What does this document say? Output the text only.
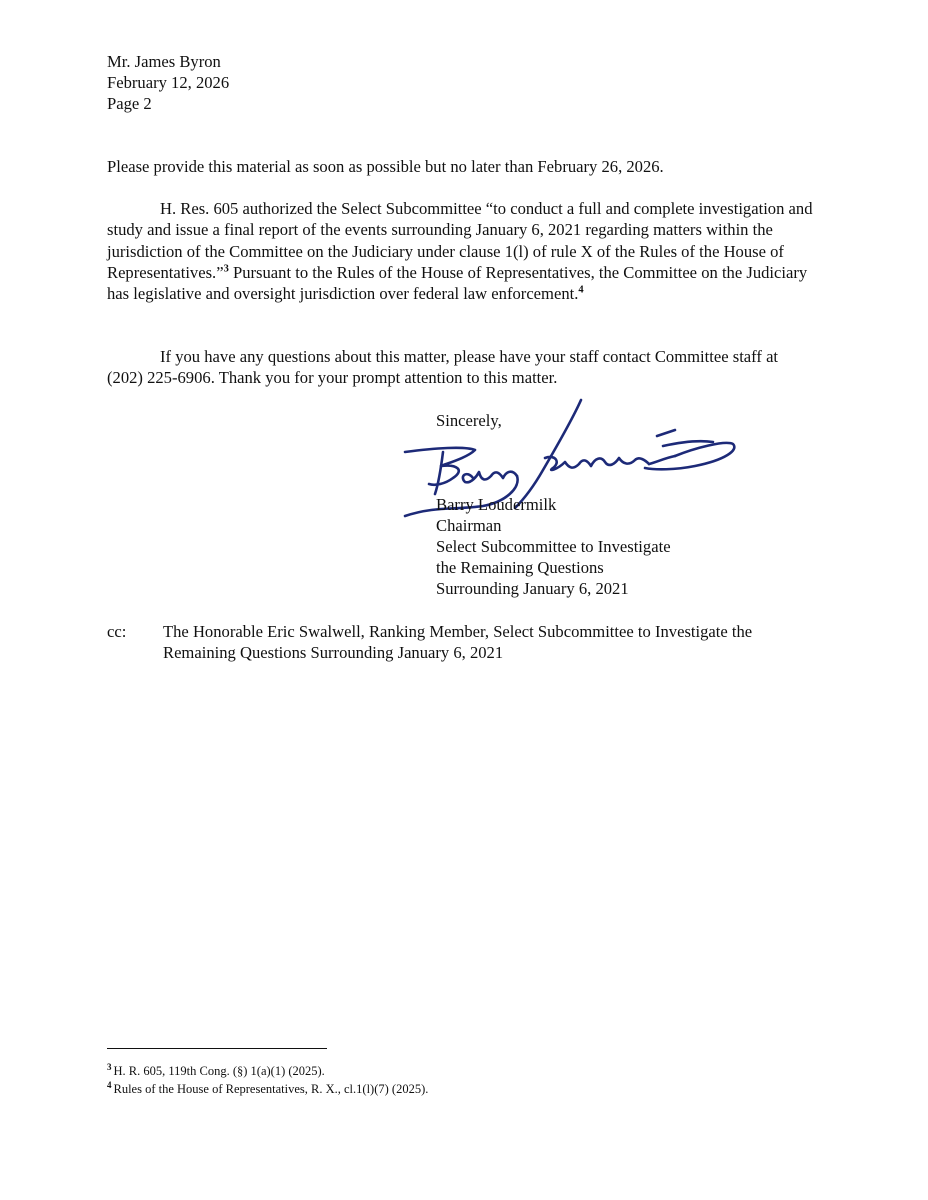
Mr. James Byron
February 12, 2026
Page 2
Please provide this material as soon as possible but no later than February 26, 2026.
H. Res. 605 authorized the Select Subcommittee “to conduct a full and complete investigation and study and issue a final report of the events surrounding January 6, 2021 regarding matters within the jurisdiction of the Committee on the Judiciary under clause 1(l) of rule X of the Rules of the House of Representatives.”$^3$ Pursuant to the Rules of the House of Representatives, the Committee on the Judiciary has legislative and oversight jurisdiction over federal law enforcement.$^4$
If you have any questions about this matter, please have your staff contact Committee staff at (202) 225-6906. Thank you for your prompt attention to this matter.
Sincerely,
Barry Loudermilk
Chairman
Select Subcommittee to Investigate
the Remaining Questions
Surrounding January 6, 2021
cc: The Honorable Eric Swalwell, Ranking Member, Select Subcommittee to Investigate the
Remaining Questions Surrounding January 6, 2021
$^3$ H. R. 605, 119th Cong. (§) 1(a)(1) (2025).
$^4$ Rules of the House of Representatives, R. X., cl.1(l)(7) (2025).
